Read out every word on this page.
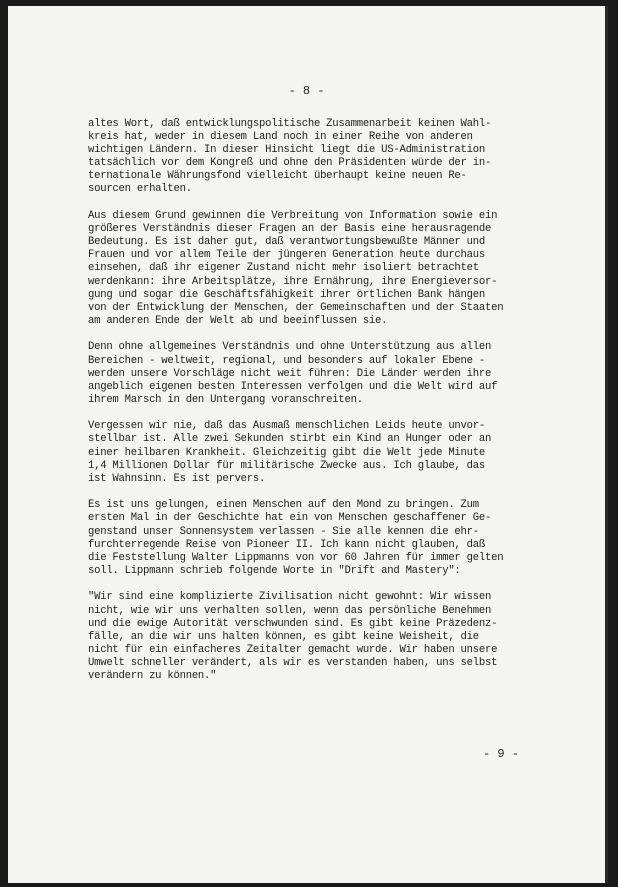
- 8 -
altes Wort, daß entwicklungspolitische Zusammenarbeit keinen Wahl-
kreis hat, weder in diesem Land noch in einer Reihe von anderen
wichtigen Ländern. In dieser Hinsicht liegt die US-Administration
tatsächlich vor dem Kongreß und ohne den Präsidenten würde der in-
ternationale Währungsfond vielleicht überhaupt keine neuen Re-
sourcen erhalten.
Aus diesem Grund gewinnen die Verbreitung von Information sowie ein
größeres Verständnis dieser Fragen an der Basis eine herausragende
Bedeutung. Es ist daher gut, daß verantwortungsbewußte Männer und
Frauen und vor allem Teile der jüngeren Generation heute durchaus
einsehen, daß ihr eigener Zustand nicht mehr isoliert betrachtet
werdenkann: ihre Arbeitsplätze, ihre Ernährung, ihre Energieversor-
gung und sogar die Geschäftsfähigkeit ihrer örtlichen Bank hängen
von der Entwicklung der Menschen, der Gemeinschaften und der Staaten
am anderen Ende der Welt ab und beeinflussen sie.
Denn ohne allgemeines Verständnis und ohne Unterstützung aus allen
Bereichen - weltweit, regional, und besonders auf lokaler Ebene -
werden unsere Vorschläge nicht weit führen: Die Länder werden ihre
angeblich eigenen besten Interessen verfolgen und die Welt wird auf
ihrem Marsch in den Untergang voranschreiten.
Vergessen wir nie, daß das Ausmaß menschlichen Leids heute unvor-
stellbar ist. Alle zwei Sekunden stirbt ein Kind an Hunger oder an
einer heilbaren Krankheit. Gleichzeitig gibt die Welt jede Minute
1,4 Millionen Dollar für militärische Zwecke aus. Ich glaube, das
ist Wahnsinn. Es ist pervers.
Es ist uns gelungen, einen Menschen auf den Mond zu bringen. Zum
ersten Mal in der Geschichte hat ein von Menschen geschaffener Ge-
genstand unser Sonnensystem verlassen - Sie alle kennen die ehr-
furchterregende Reise von Pioneer II. Ich kann nicht glauben, daß
die Feststellung Walter Lippmanns von vor 60 Jahren für immer gelten
soll. Lippmann schrieb folgende Worte in "Drift and Mastery":
"Wir sind eine komplizierte Zivilisation nicht gewohnt: Wir wissen
nicht, wie wir uns verhalten sollen, wenn das persönliche Benehmen
und die ewige Autorität verschwunden sind. Es gibt keine Präzedenz-
fälle, an die wir uns halten können, es gibt keine Weisheit, die
nicht für ein einfacheres Zeitalter gemacht wurde. Wir haben unsere
Umwelt schneller verändert, als wir es verstanden haben, uns selbst
verändern zu können."
- 9 -
